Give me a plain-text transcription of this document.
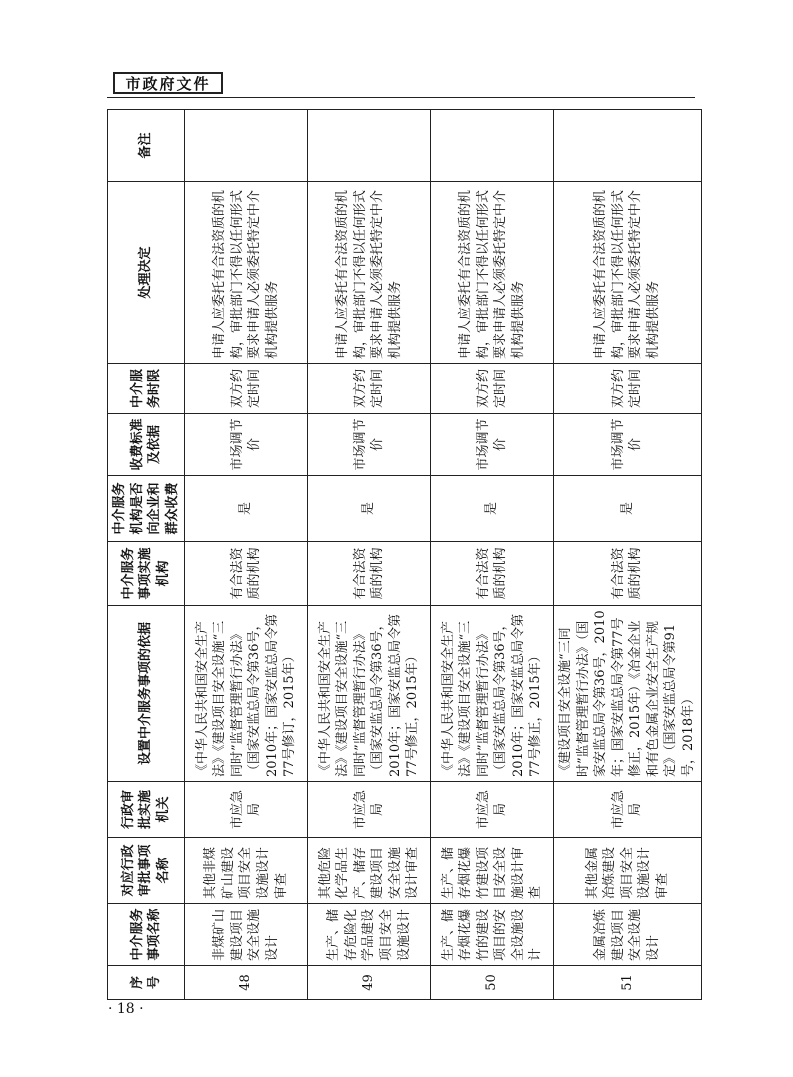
市政府文件
序号	中介服务事项名称	对应行政审批事项名称	行政审批实施机关	设置中介服务事项的依据	中介服务事项实施机构	中介服务机构是否向企业和群众收费	收费标准及依据	中介服务时限	处理决定	备注
48	非煤矿山建设项目安全设施设计	其他非煤矿山建设项目安全设施设计审查	市应急局	《中华人民共和国安全生产法》《建设项目安全设施“三同时”监督管理暂行办法》（国家安监总局令第36号，2010年；国家安监总局令第77号修订，2015年）	有合法资质的机构	是	市场调节价	双方约定时间	申请人应委托有合法资质的机构，审批部门不得以任何形式要求申请人必须委托特定中介机构提供服务	
49	生产、储存危险化学品建设项目安全设施设计	其他危险化学品生产、储存建设项目安全设施设计审查	市应急局	《中华人民共和国安全生产法》《建设项目安全设施“三同时”监督管理暂行办法》（国家安监总局令第36号，2010年；国家安监总局令第77号修正，2015年）	有合法资质的机构	是	市场调节价	双方约定时间	申请人应委托有合法资质的机构，审批部门不得以任何形式要求申请人必须委托特定中介机构提供服务	
50	生产、储存烟花爆竹的建设项目的安全设施设计	生产、储存烟花爆竹建设项目安全设施设计审查	市应急局	《中华人民共和国安全生产法》《建设项目安全设施“三同时”监督管理暂行办法》（国家安监总局令第36号，2010年；国家安监总局令第77号修正，2015年）	有合法资质的机构	是	市场调节价	双方约定时间	申请人应委托有合法资质的机构，审批部门不得以任何形式要求申请人必须委托特定中介机构提供服务	
51	金属冶炼建设项目安全设施设计	其他金属冶炼建设项目安全设施设计审查	市应急局	《建设项目安全设施“三同时”监督管理暂行办法》（国家安监总局令第36号，2010年；国家安监总局令第77号修正，2015年）《冶金企业和有色金属企业安全生产规定》（国家安监总局令第91号，2018年）	有合法资质的机构	是	市场调节价	双方约定时间	申请人应委托有合法资质的机构，审批部门不得以任何形式要求申请人必须委托特定中介机构提供服务	
· 18 ·
